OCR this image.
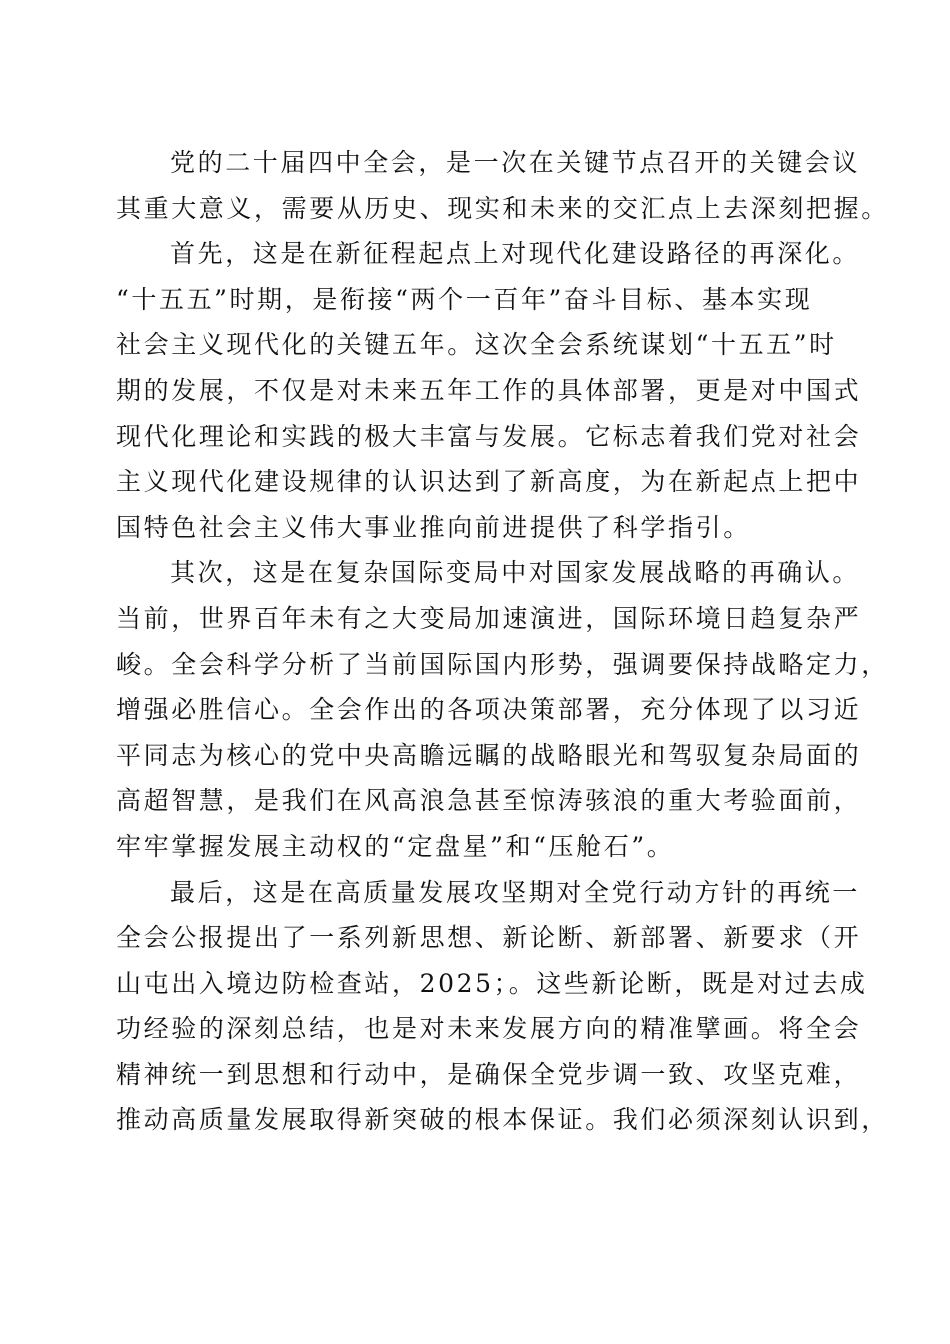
党的二十届四中全会，是一次在关键节点召开的关键会议
其重大意义，需要从历史、现实和未来的交汇点上去深刻把握。
首先，这是在新征程起点上对现代化建设路径的再深化。
“十五五”时期，是衔接“两个一百年”奋斗目标、基本实现
社会主义现代化的关键五年。这次全会系统谋划“十五五”时
期的发展，不仅是对未来五年工作的具体部署，更是对中国式
现代化理论和实践的极大丰富与发展。它标志着我们党对社会
主义现代化建设规律的认识达到了新高度，为在新起点上把中
国特色社会主义伟大事业推向前进提供了科学指引。
其次，这是在复杂国际变局中对国家发展战略的再确认。
当前，世界百年未有之大变局加速演进，国际环境日趋复杂严
峻。全会科学分析了当前国际国内形势，强调要保持战略定力，
增强必胜信心。全会作出的各项决策部署，充分体现了以习近
平同志为核心的党中央高瞻远瞩的战略眼光和驾驭复杂局面的
高超智慧，是我们在风高浪急甚至惊涛骇浪的重大考验面前，
牢牢掌握发展主动权的“定盘星”和“压舱石”。
最后，这是在高质量发展攻坚期对全党行动方针的再统一
全会公报提出了一系列新思想、新论断、新部署、新要求（开
山屯出入境边防检查站，2025；。这些新论断，既是对过去成
功经验的深刻总结，也是对未来发展方向的精准擘画。将全会
精神统一到思想和行动中，是确保全党步调一致、攻坚克难，
推动高质量发展取得新突破的根本保证。我们必须深刻认识到，
